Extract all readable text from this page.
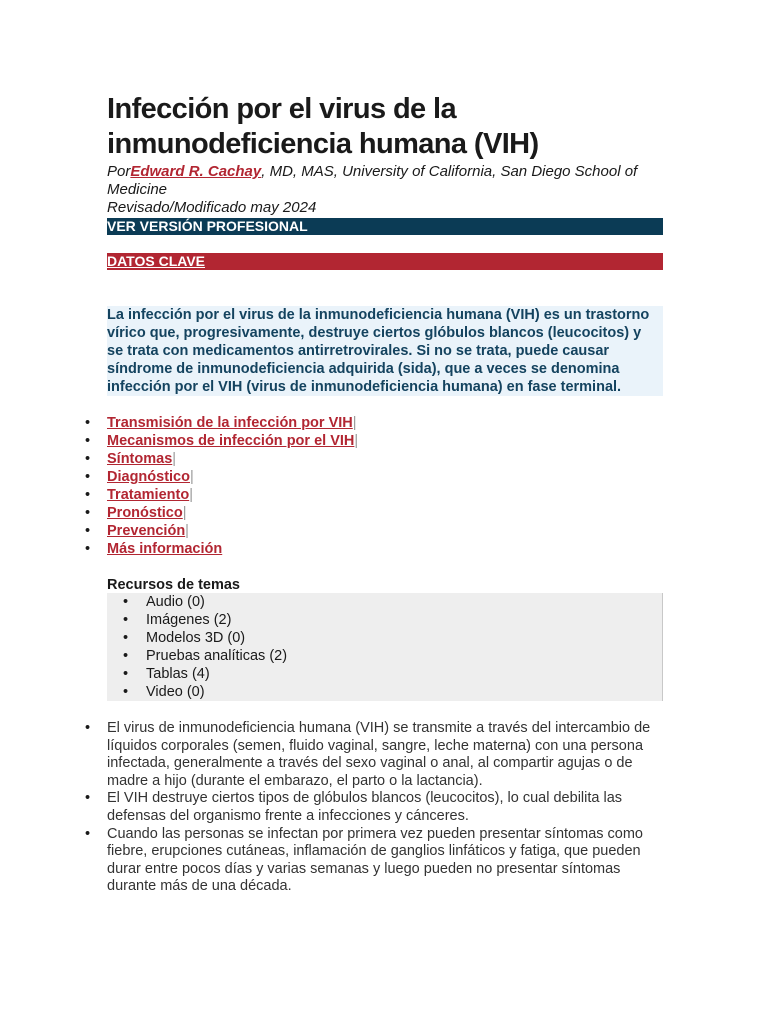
Infección por el virus de la inmunodeficiencia humana (VIH)
PorEdward R. Cachay, MD, MAS, University of California, San Diego School of Medicine
Revisado/Modificado may 2024
VER VERSIÓN PROFESIONAL
DATOS CLAVE
La infección por el virus de la inmunodeficiencia humana (VIH) es un trastorno vírico que, progresivamente, destruye ciertos glóbulos blancos (leucocitos) y se trata con medicamentos antirretrovirales. Si no se trata, puede causar síndrome de inmunodeficiencia adquirida (sida), que a veces se denomina infección por el VIH (virus de inmunodeficiencia humana) en fase terminal.
• Transmisión de la infección por VIH|
• Mecanismos de infección por el VIH|
• Síntomas|
• Diagnóstico|
• Tratamiento|
• Pronóstico|
• Prevención|
• Más información
Recursos de temas
• Audio (0)
• Imágenes (2)
• Modelos 3D (0)
• Pruebas analíticas (2)
• Tablas (4)
• Video (0)
• El virus de inmunodeficiencia humana (VIH) se transmite a través del intercambio de líquidos corporales (semen, fluido vaginal, sangre, leche materna) con una persona infectada, generalmente a través del sexo vaginal o anal, al compartir agujas o de madre a hijo (durante el embarazo, el parto o la lactancia).
• El VIH destruye ciertos tipos de glóbulos blancos (leucocitos), lo cual debilita las defensas del organismo frente a infecciones y cánceres.
• Cuando las personas se infectan por primera vez pueden presentar síntomas como fiebre, erupciones cutáneas, inflamación de ganglios linfáticos y fatiga, que pueden durar entre pocos días y varias semanas y luego pueden no presentar síntomas durante más de una década.
